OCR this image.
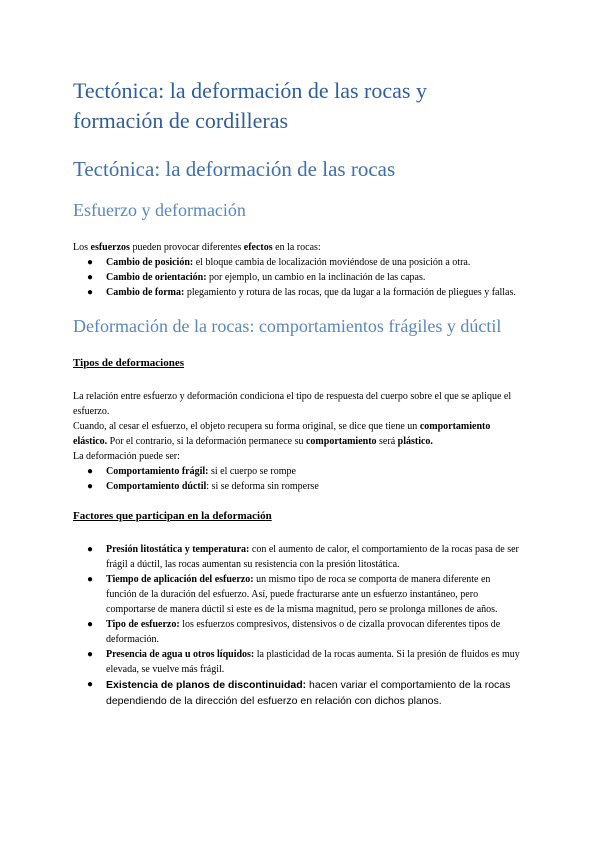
Tectónica: la deformación de las rocas y formación de cordilleras
Tectónica: la deformación de las rocas
Esfuerzo y deformación

Los esfuerzos pueden provocar diferentes efectos en la rocas:

● Cambio de posición: el bloque cambia de localización moviéndose de una posición a otra.
● Cambio de orientación: por ejemplo, un cambio en la inclinación de las capas.
● Cambio de forma: plegamiento y rotura de las rocas, que da lugar a la formación de pliegues y fallas.
Deformación de la rocas: comportamientos frágiles y dúctil

Tipos de deformaciones

La relación entre esfuerzo y deformación condiciona el tipo de respuesta del cuerpo sobre el que se aplique el esfuerzo.

Cuando, al cesar el esfuerzo, el objeto recupera su forma original, se dice que tiene un comportamiento elástico. Por el contrario, si la deformación permanece su comportamiento será plástico.

La deformación puede ser:

● Comportamiento frágil: si el cuerpo se rompe
● Comportamiento dúctil: si se deforma sin romperse

Factores que participan en la deformación

● Presión litostática y temperatura: con el aumento de calor, el comportamiento de la rocas pasa de ser frágil a dúctil, las rocas aumentan su resistencia con la presión litostática.
● Tiempo de aplicación del esfuerzo: un mismo tipo de roca se comporta de manera diferente en función de la duración del esfuerzo. Así, puede fracturarse ante un esfuerzo instantáneo, pero comportarse de manera dúctil si este es de la misma magnitud, pero se prolonga millones de años.
● Tipo de esfuerzo: los esfuerzos compresivos, distensivos o de cizalla provocan diferentes tipos de deformación.
● Presencia de agua u otros líquidos: la plasticidad de la rocas aumenta. Si la presión de fluidos es muy elevada, se vuelve más frágil.
● Existencia de planos de discontinuidad: hacen variar el comportamiento de la rocas dependiendo de la dirección del esfuerzo en relación con dichos planos.
